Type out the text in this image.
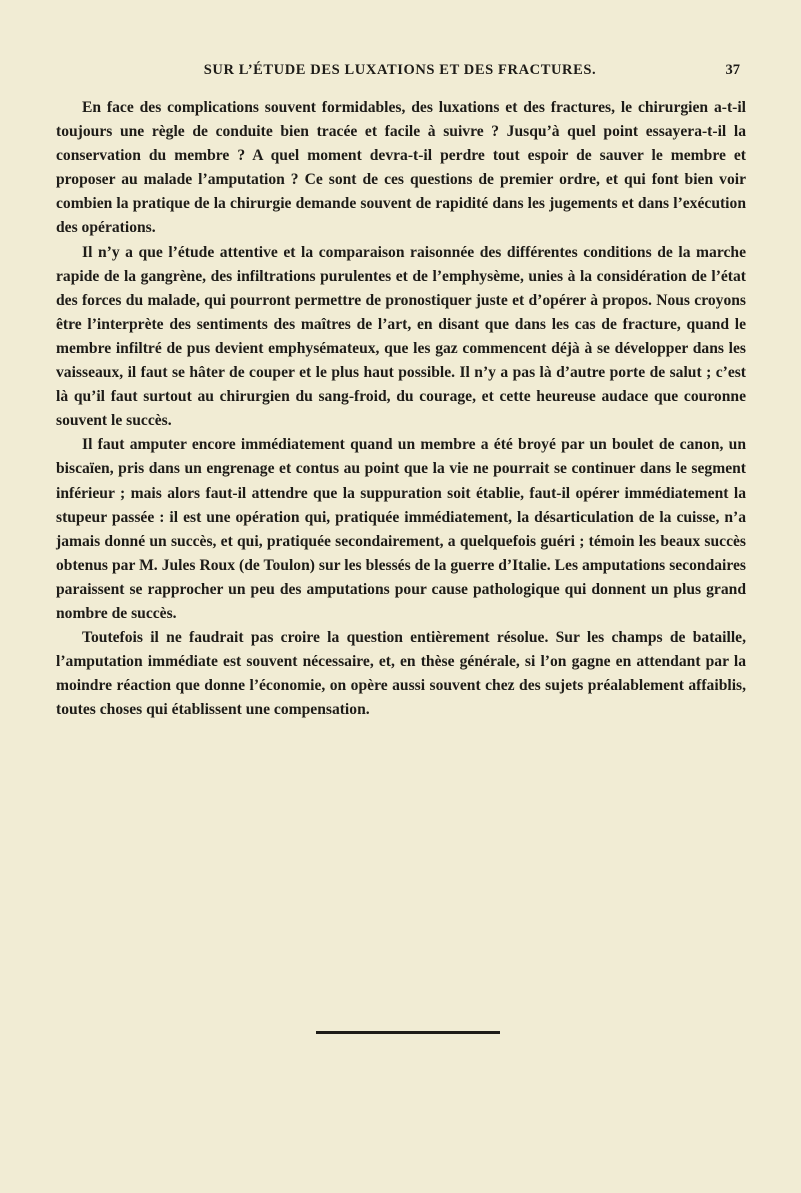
SUR L’ÉTUDE DES LUXATIONS ET DES FRACTURES.	37

En face des complications souvent formidables, des luxations et des fractures, le chirurgien a-t-il toujours une règle de conduite bien tracée et facile à suivre ? Jusqu’à quel point essayera-t-il la conservation du membre ? A quel moment devra-t-il perdre tout espoir de sauver le membre et proposer au malade l’amputation ? Ce sont de ces questions de premier ordre, et qui font bien voir combien la pratique de la chirurgie demande souvent de rapidité dans les jugements et dans l’exécution des opérations.

Il n’y a que l’étude attentive et la comparaison raisonnée des différentes conditions de la marche rapide de la gangrène, des infiltrations purulentes et de l’emphysème, unies à la considération de l’état des forces du malade, qui pourront permettre de pronostiquer juste et d’opérer à propos. Nous croyons être l’interprète des sentiments des maîtres de l’art, en disant que dans les cas de fracture, quand le membre infiltré de pus devient emphysémateux, que les gaz commencent déjà à se développer dans les vaisseaux, il faut se hâter de couper et le plus haut possible. Il n’y a pas là d’autre porte de salut ; c’est là qu’il faut surtout au chirurgien du sang-froid, du courage, et cette heureuse audace que couronne souvent le succès.

Il faut amputer encore immédiatement quand un membre a été broyé par un boulet de canon, un biscaïen, pris dans un engrenage et contus au point que la vie ne pourrait se continuer dans le segment inférieur ; mais alors faut-il attendre que la suppuration soit établie, faut-il opérer immédiatement la stupeur passée : il est une opération qui, pratiquée immédiatement, la désarticulation de la cuisse, n’a jamais donné un succès, et qui, pratiquée secondairement, a quelquefois guéri ; témoin les beaux succès obtenus par M. Jules Roux (de Toulon) sur les blessés de la guerre d’Italie. Les amputations secondaires paraissent se rapprocher un peu des amputations pour cause pathologique qui donnent un plus grand nombre de succès.

Toutefois il ne faudrait pas croire la question entièrement résolue. Sur les champs de bataille, l’amputation immédiate est souvent nécessaire, et, en thèse générale, si l’on gagne en attendant par la moindre réaction que donne l’économie, on opère aussi souvent chez des sujets préalablement affaiblis, toutes choses qui établissent une compensation.
